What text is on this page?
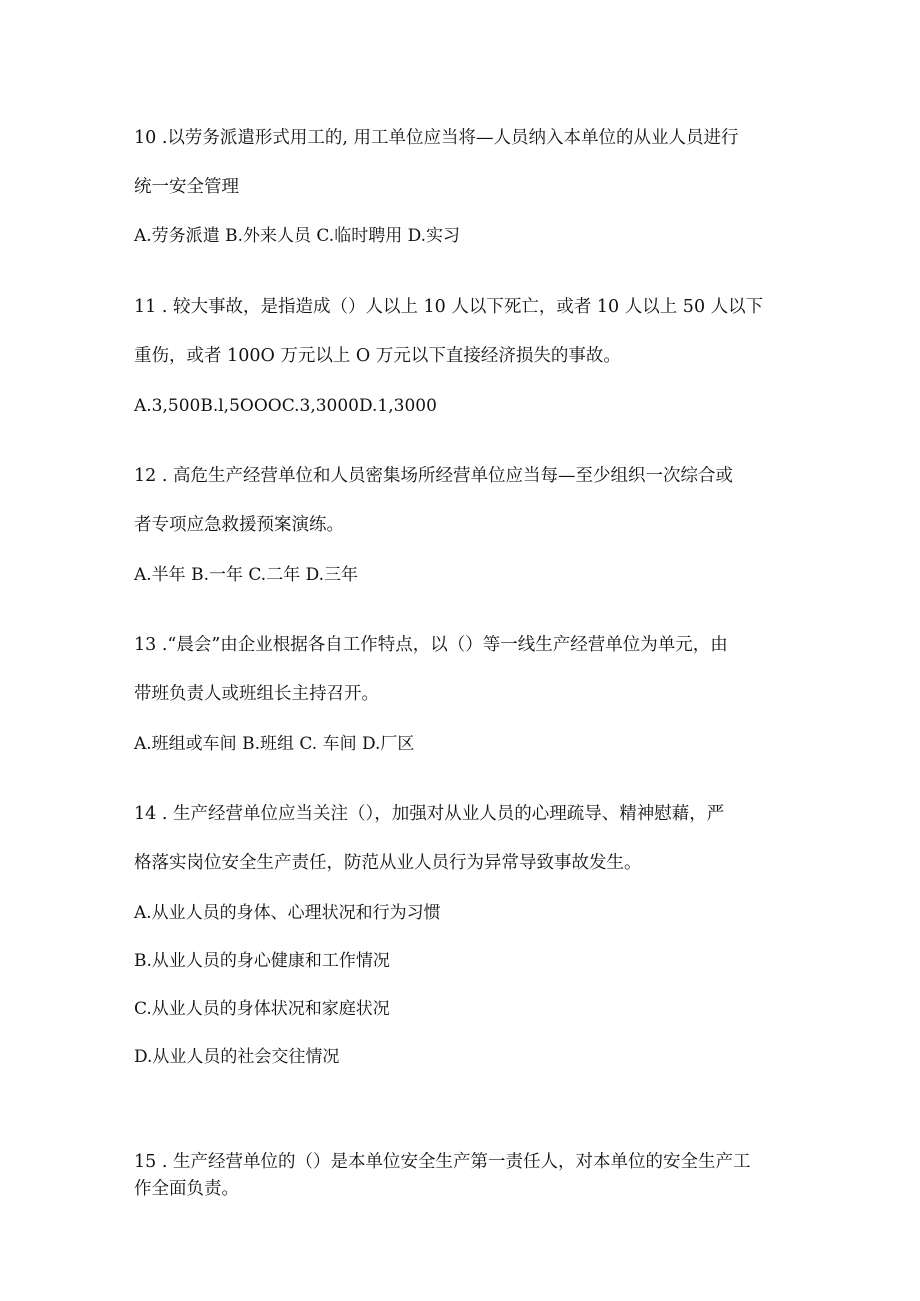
10 .以劳务派遣形式用工的, 用工单位应当将—人员纳入本单位的从业人员进行
统一安全管理
A.劳务派遣 B.外来人员 C.临时聘用 D.实习
11 . 较大事故，是指造成（）人以上 10 人以下死亡，或者 10 人以上 50 人以下
重伤，或者 100O 万元以上 O 万元以下直接经济损失的事故。
A.3,500B.l,5OOOC.3,3000D.1,3000
12 . 高危生产经营单位和人员密集场所经营单位应当每—至少组织一次综合或
者专项应急救援预案演练。
A.半年 B.一年 C.二年 D.三年
13 .“晨会”由企业根据各自工作特点，以（）等一线生产经营单位为单元，由
带班负责人或班组长主持召开。
A.班组或车间 B.班组 C. 车间 D.厂区
14 . 生产经营单位应当关注（），加强对从业人员的心理疏导、精神慰藉，严
格落实岗位安全生产责任，防范从业人员行为异常导致事故发生。
A.从业人员的身体、心理状况和行为习惯
B.从业人员的身心健康和工作情况
C.从业人员的身体状况和家庭状况
D.从业人员的社会交往情况
15 . 生产经营单位的（）是本单位安全生产第一责任人，对本单位的安全生产工
作全面负责。
